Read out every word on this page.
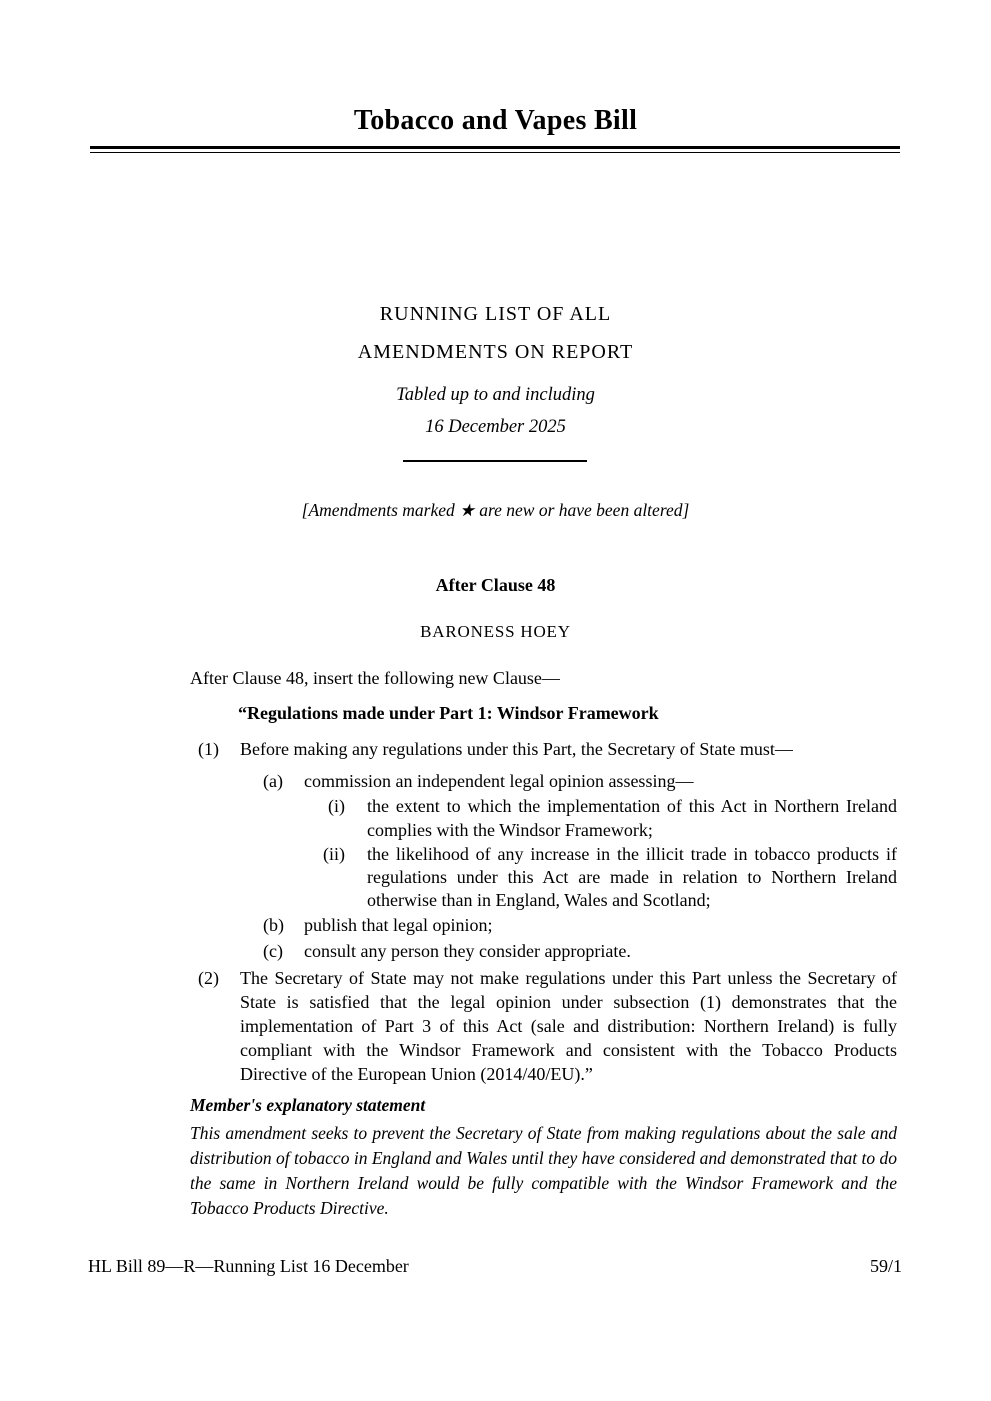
Tobacco and Vapes Bill
RUNNING LIST OF ALL
AMENDMENTS ON REPORT
Tabled up to and including
16 December 2025
[Amendments marked ★ are new or have been altered]
After Clause 48
BARONESS HOEY
After Clause 48, insert the following new Clause—
“Regulations made under Part 1: Windsor Framework
(1) Before making any regulations under this Part, the Secretary of State must—
(a) commission an independent legal opinion assessing—
(i) the extent to which the implementation of this Act in Northern Ireland complies with the Windsor Framework;
(ii) the likelihood of any increase in the illicit trade in tobacco products if regulations under this Act are made in relation to Northern Ireland otherwise than in England, Wales and Scotland;
(b) publish that legal opinion;
(c) consult any person they consider appropriate.
(2) The Secretary of State may not make regulations under this Part unless the Secretary of State is satisfied that the legal opinion under subsection (1) demonstrates that the implementation of Part 3 of this Act (sale and distribution: Northern Ireland) is fully compliant with the Windsor Framework and consistent with the Tobacco Products Directive of the European Union (2014/40/EU).”
Member's explanatory statement
This amendment seeks to prevent the Secretary of State from making regulations about the sale and distribution of tobacco in England and Wales until they have considered and demonstrated that to do the same in Northern Ireland would be fully compatible with the Windsor Framework and the Tobacco Products Directive.
HL Bill 89—R—Running List 16 December	59/1
